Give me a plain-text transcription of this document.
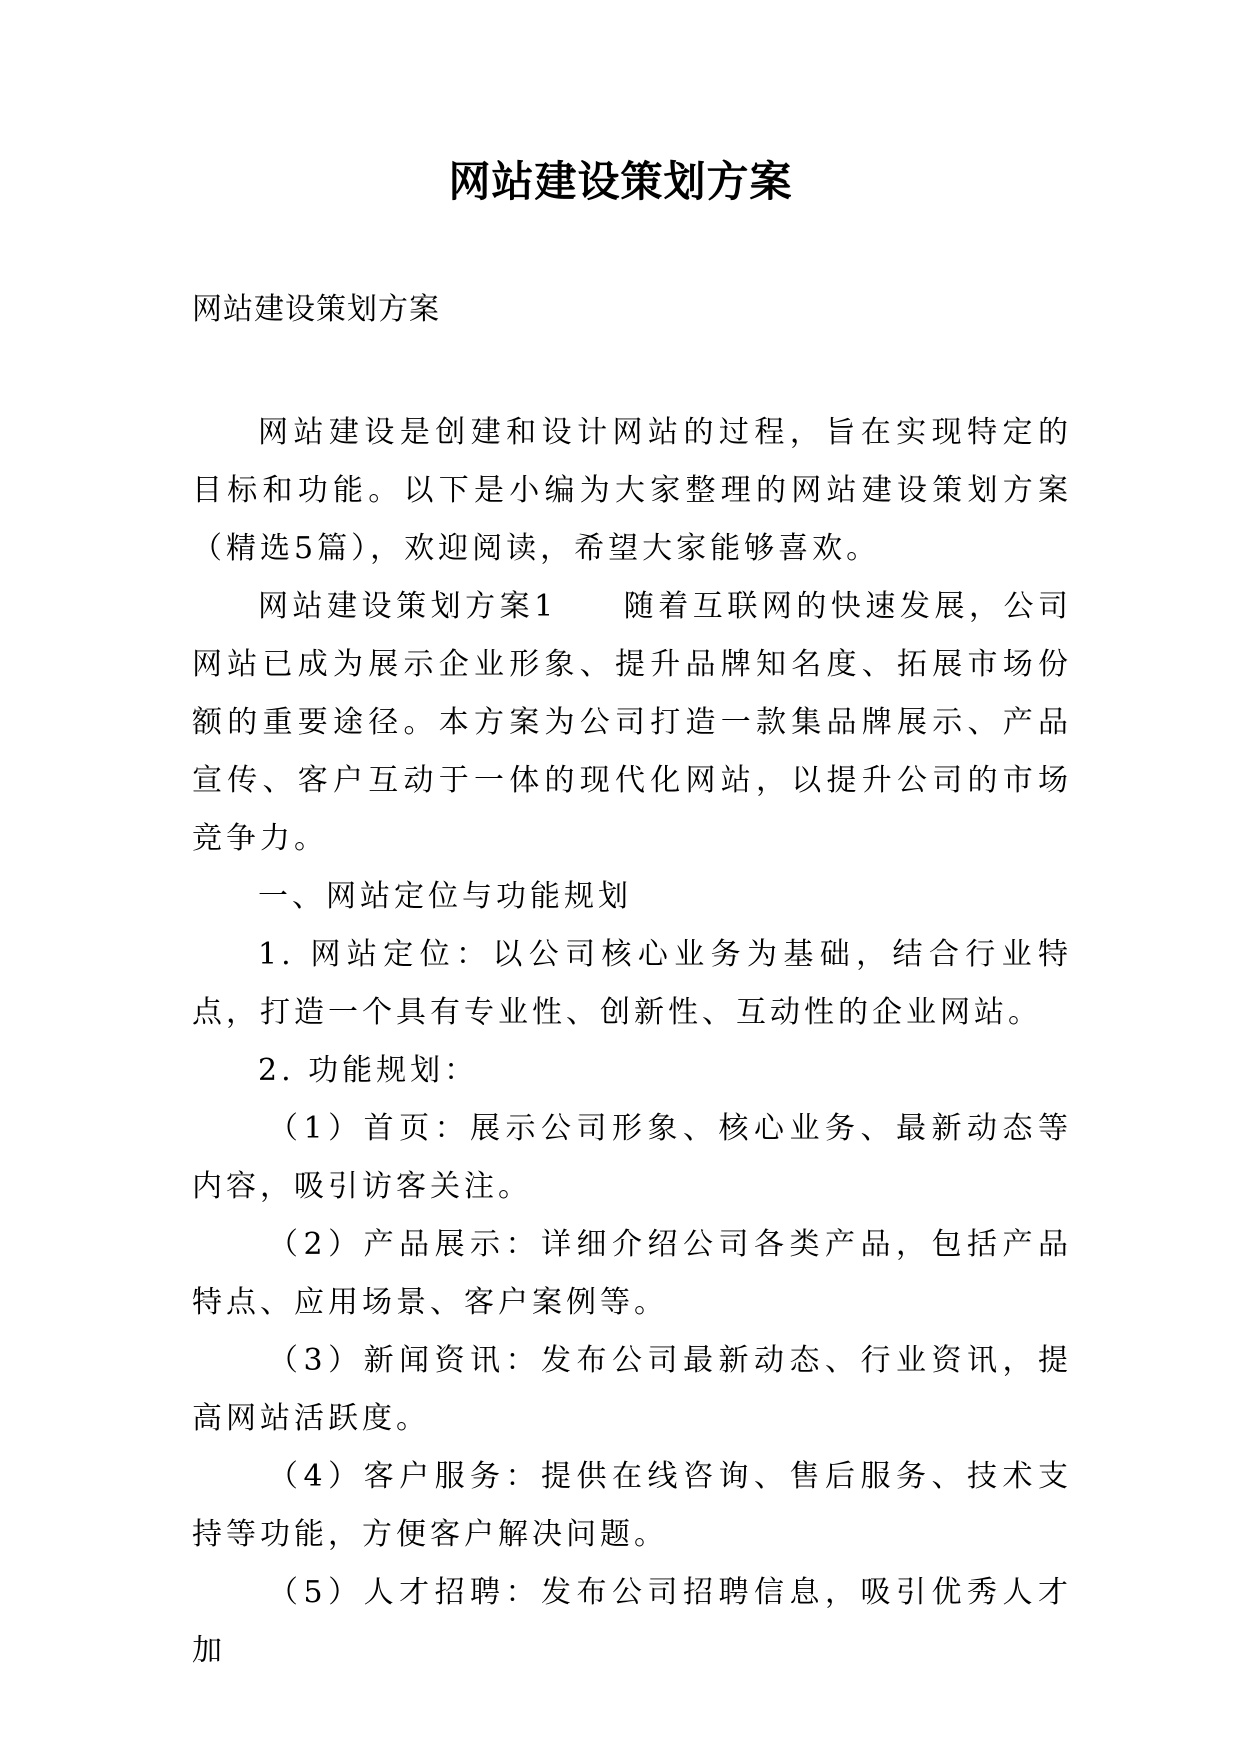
网站建设策划方案

网站建设策划方案

网站建设是创建和设计网站的过程，旨在实现特定的目标和功能。以下是小编为大家整理的网站建设策划方案（精选5篇），欢迎阅读，希望大家能够喜欢。

网站建设策划方案1 随着互联网的快速发展，公司网站已成为展示企业形象、提升品牌知名度、拓展市场份额的重要途径。本方案为公司打造一款集品牌展示、产品宣传、客户互动于一体的现代化网站，以提升公司的市场竞争力。

一、网站定位与功能规划

1. 网站定位：以公司核心业务为基础，结合行业特点，打造一个具有专业性、创新性、互动性的企业网站。

2. 功能规划：

（1）首页：展示公司形象、核心业务、最新动态等内容，吸引访客关注。

（2）产品展示：详细介绍公司各类产品，包括产品特点、应用场景、客户案例等。

（3）新闻资讯：发布公司最新动态、行业资讯，提高网站活跃度。

（4）客户服务：提供在线咨询、售后服务、技术支持等功能，方便客户解决问题。

（5）人才招聘：发布公司招聘信息，吸引优秀人才加
